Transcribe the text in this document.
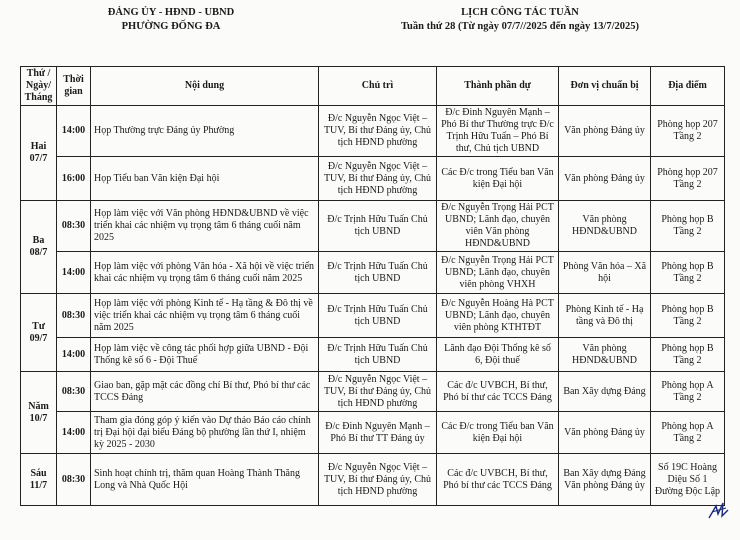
ĐẢNG ỦY - HĐND - UBND
PHƯỜNG ĐỐNG ĐA
LỊCH CÔNG TÁC TUẦN
Tuần thứ 28 (Từ ngày 07/7//2025 đến ngày 13/7/2025)
Thứ / Ngày/ Tháng	Thời gian	Nội dung	Chủ trì	Thành phần dự	Đơn vị chuẩn bị	Địa điểm
Hai
07/7	14:00	Họp Thường trực Đảng ủy Phường	Đ/c Nguyễn Ngọc Việt – TUV, Bí thư Đảng ủy, Chủ tịch HĐND phường	Đ/c Đinh Nguyên Mạnh – Phó Bí thư Thường trực Đ/c Trịnh Hữu Tuấn – Phó Bí thư, Chủ tịch UBND	Văn phòng Đảng ủy	Phòng họp 207 Tầng 2
	16:00	Họp Tiểu ban Văn kiện Đại hội	Đ/c Nguyễn Ngọc Việt – TUV, Bí thư Đảng ủy, Chủ tịch HĐND phường	Các Đ/c trong Tiểu ban Văn kiện Đại hội	Văn phòng Đảng ủy	Phòng họp 207 Tầng 2
Ba
08/7	08:30	Họp làm việc với Văn phòng HĐND&UBND về việc triển khai các nhiệm vụ trọng tâm 6 tháng cuối năm 2025	Đ/c Trịnh Hữu Tuấn Chủ tịch UBND	Đ/c Nguyễn Trọng Hải PCT UBND; Lãnh đạo, chuyên viên Văn phòng HĐND&UBND	Văn phòng HĐND&UBND	Phòng họp B Tầng 2
	14:00	Họp làm việc với phòng Văn hóa - Xã hội về việc triển khai các nhiệm vụ trọng tâm 6 tháng cuối năm 2025	Đ/c Trịnh Hữu Tuấn Chủ tịch UBND	Đ/c Nguyễn Trọng Hải PCT UBND; Lãnh đạo, chuyên viên phòng VHXH	Phòng Văn hóa – Xã hội	Phòng họp B Tầng 2
Tư
09/7	08:30	Họp làm việc với phòng Kinh tế - Hạ tầng & Đô thị về việc triển khai các nhiệm vụ trọng tâm 6 tháng cuối năm 2025	Đ/c Trịnh Hữu Tuấn Chủ tịch UBND	Đ/c Nguyễn Hoàng Hà PCT UBND; Lãnh đạo, chuyên viên phòng KTHTĐT	Phòng Kinh tế - Hạ tầng và Đô thị	Phòng họp B Tầng 2
	14:00	Họp làm việc về công tác phối hợp giữa UBND - Đội Thống kê số 6 - Đội Thuế	Đ/c Trịnh Hữu Tuấn Chủ tịch UBND	Lãnh đạo Đội Thống kê số 6, Đội thuế	Văn phòng HĐND&UBND	Phòng họp B Tầng 2
Năm
10/7	08:30	Giao ban, gặp mặt các đồng chí Bí thư, Phó bí thư các TCCS Đảng	Đ/c Nguyễn Ngọc Việt – TUV, Bí thư Đảng ủy, Chủ tịch HĐND phường	Các đ/c UVBCH, Bí thư, Phó bí thư các TCCS Đảng	Ban Xây dựng Đảng	Phòng họp A Tầng 2
	14:00	Tham gia đóng góp ý kiến vào Dự thảo Báo cáo chính trị Đại hội đại biểu Đảng bộ phường lần thứ I, nhiệm kỳ 2025 - 2030	Đ/c Đinh Nguyên Mạnh – Phó Bí thư TT Đảng ủy	Các Đ/c trong Tiểu ban Văn kiện Đại hội	Văn phòng Đảng ủy	Phòng họp A Tầng 2
Sáu
11/7	08:30	Sinh hoạt chính trị, thăm quan Hoàng Thành Thăng Long và Nhà Quốc Hội	Đ/c Nguyễn Ngọc Việt – TUV, Bí thư Đảng ủy, Chủ tịch HĐND phường	Các đ/c UVBCH, Bí thư, Phó bí thư các TCCS Đảng	Ban Xây dựng Đảng Văn phòng Đảng ủy	Số 19C Hoàng Diệu Số 1 Đường Độc Lập
